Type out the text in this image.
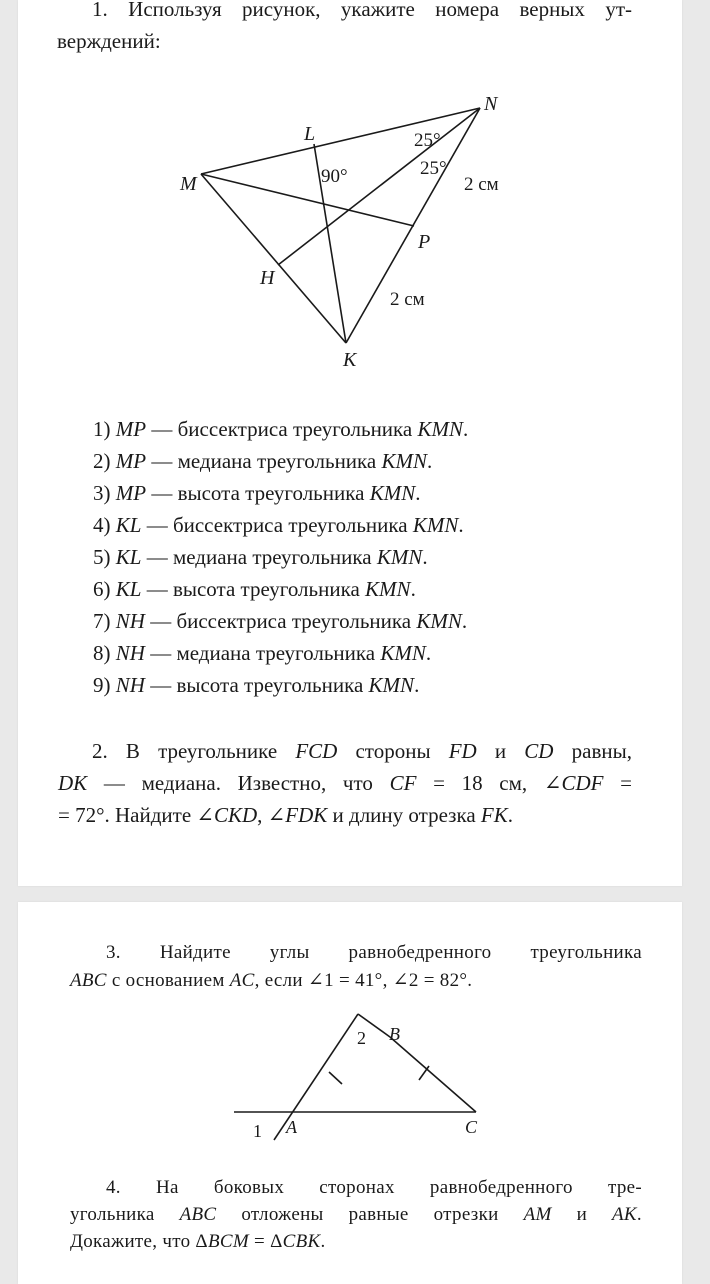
1. Используя рисунок, укажите номера верных ут-
верждений:
N
L
M
P
H
K
90°
25°
25°
2 см
2 см
1) MP — биссектриса треугольника KMN.
2) MP — медиана треугольника KMN.
3) MP — высота треугольника KMN.
4) KL — биссектриса треугольника KMN.
5) KL — медиана треугольника KMN.
6) KL — высота треугольника KMN.
7) NH — биссектриса треугольника KMN.
8) NH — медиана треугольника KMN.
9) NH — высота треугольника KMN.
2. В треугольнике FCD стороны FD и CD равны,
DK — медиана. Известно, что CF = 18 см, ∠CDF =
= 72°. Найдите ∠CKD, ∠FDK и длину отрезка FK.
3. Найдите углы равнобедренного треугольника
ABC с основанием AC, если ∠1 = 41°, ∠2 = 82°.
B
A	C
1
2
4. На боковых сторонах равнобедренного тре-
угольника ABC отложены равные отрезки AM и AK.
Докажите, что ΔBCM = ΔCBK.
